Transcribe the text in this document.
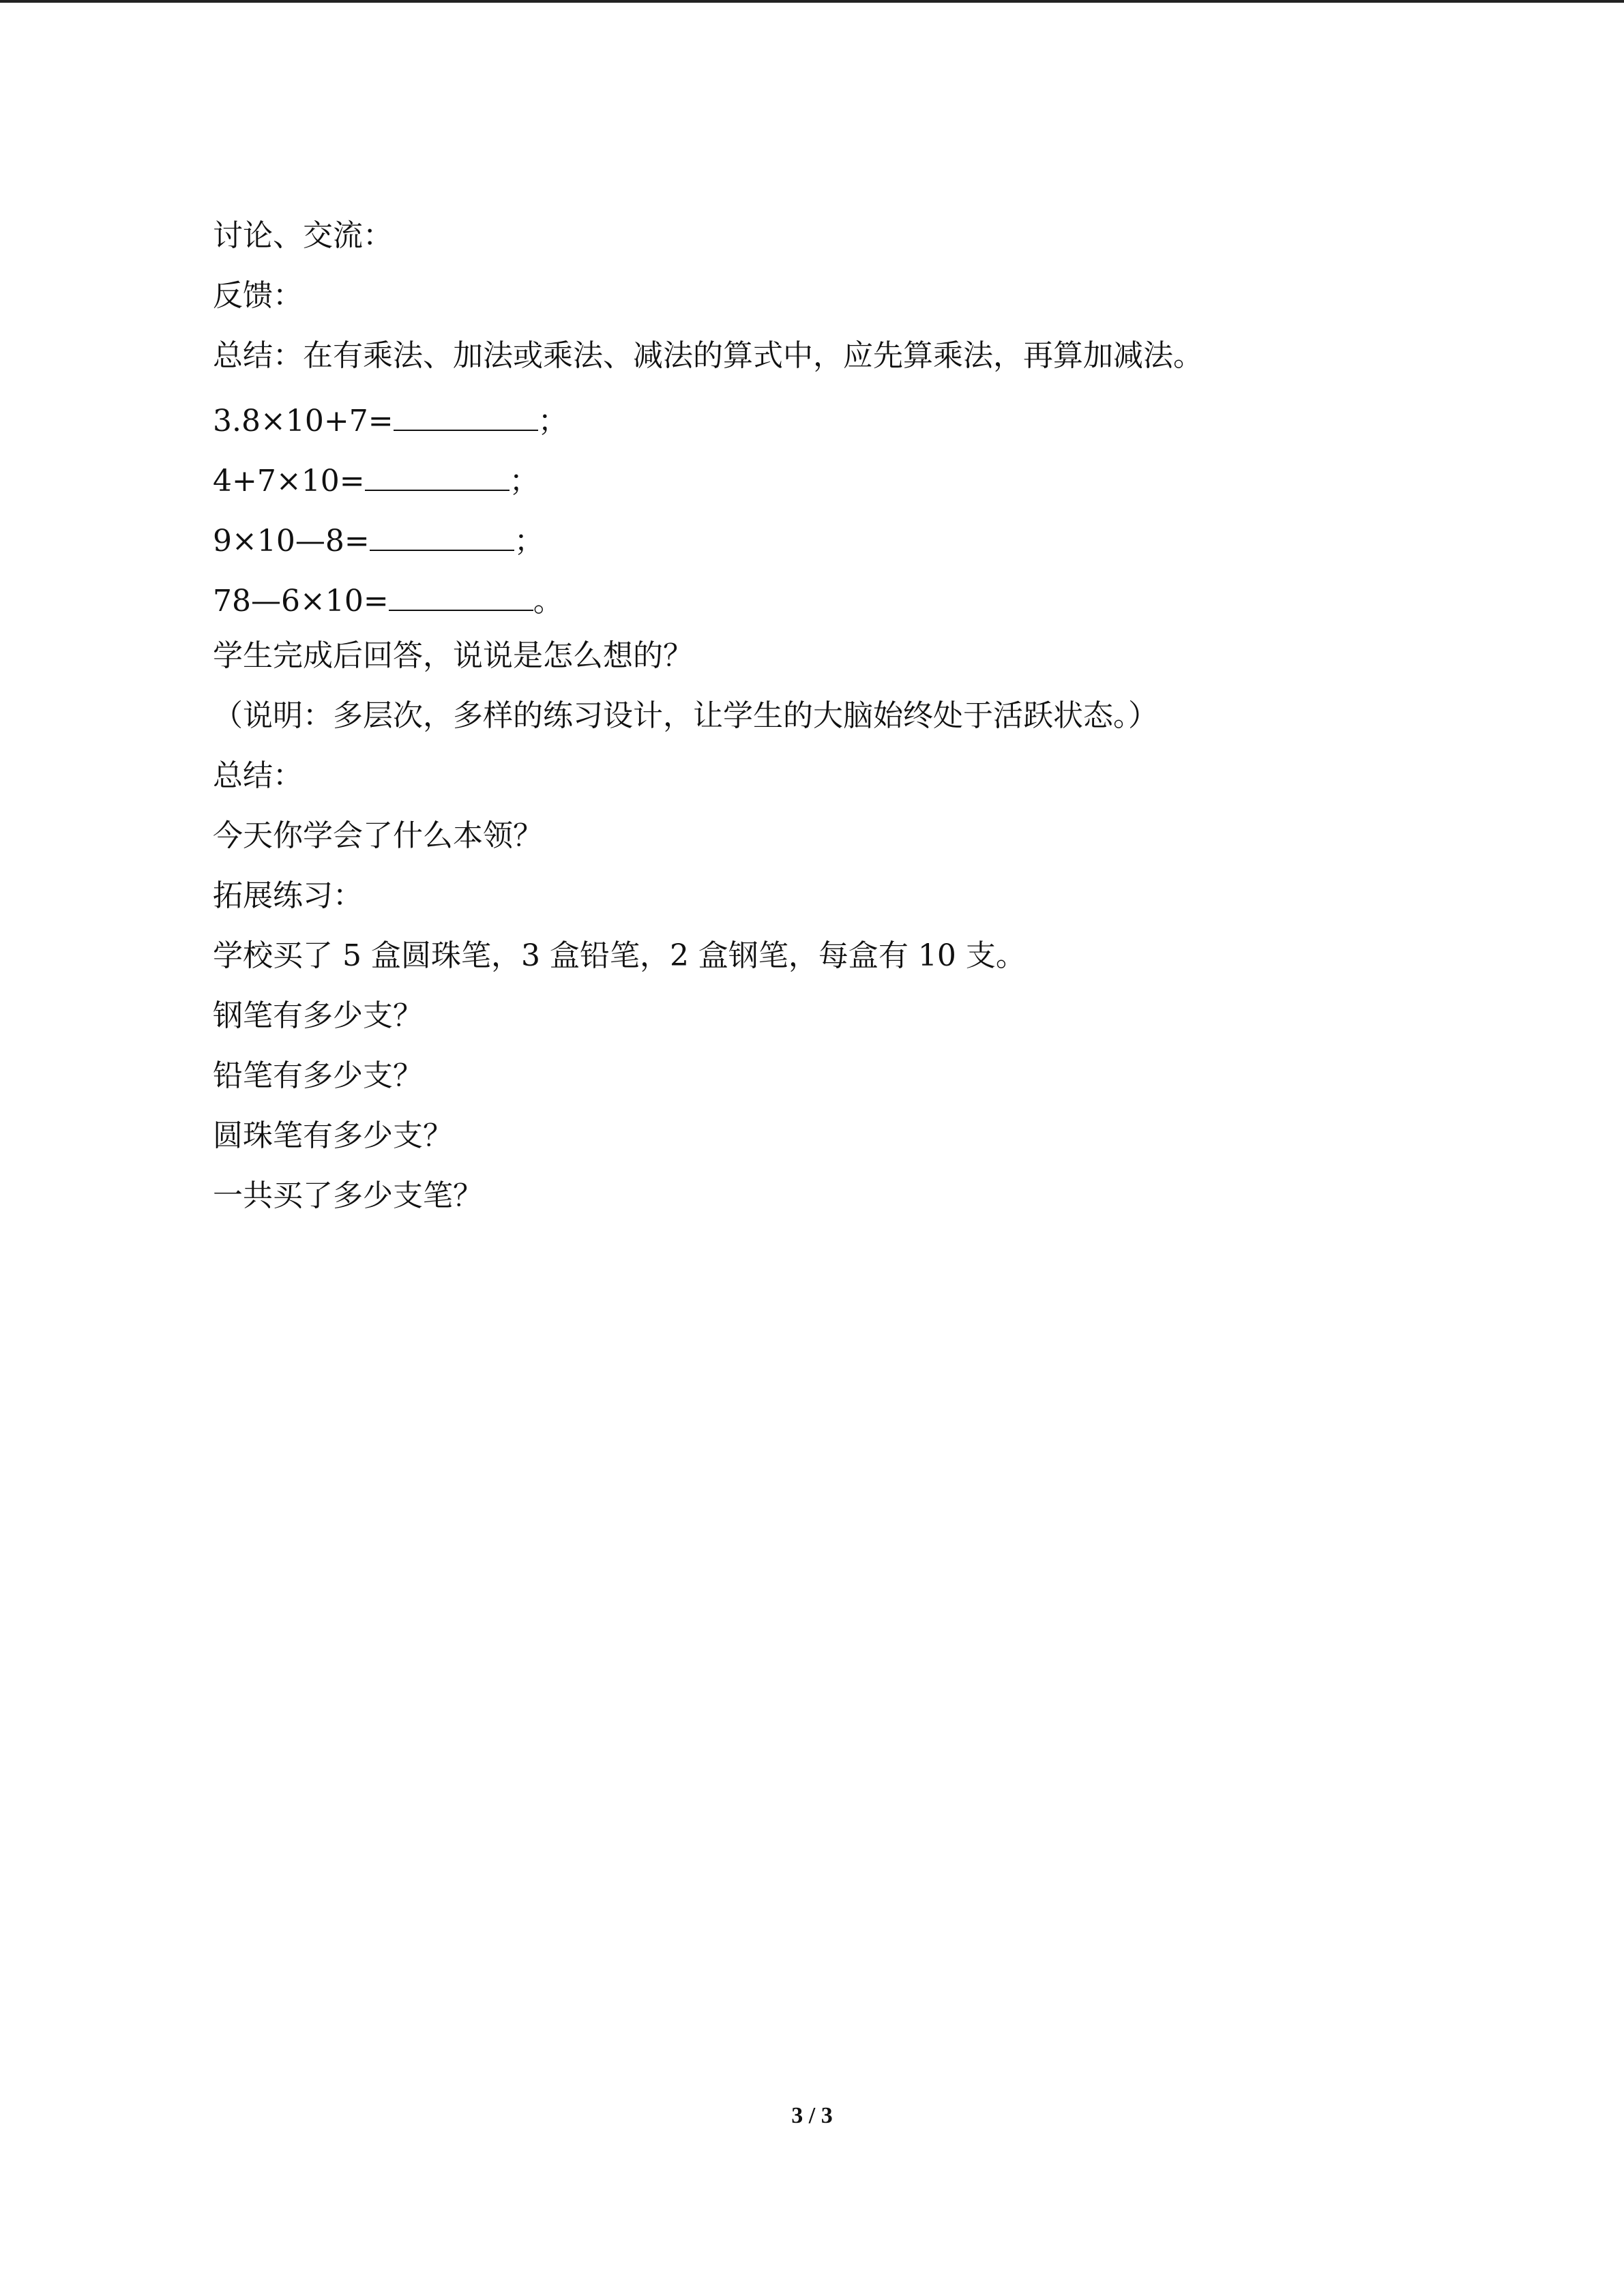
讨论、交流：
反馈：
总结：在有乘法、加法或乘法、减法的算式中，应先算乘法，再算加减法。
3.8×10+7=	；
4+7×10=	；
9×10—8=	；
78—6×10=	。
学生完成后回答，说说是怎么想的？
（说明：多层次，多样的练习设计，让学生的大脑始终处于活跃状态。）
总结：
今天你学会了什么本领？
拓展练习：
学校买了 5 盒圆珠笔，3 盒铅笔，2 盒钢笔，每盒有 10 支。
钢笔有多少支？
铅笔有多少支？
圆珠笔有多少支？
一共买了多少支笔？
3 / 3
